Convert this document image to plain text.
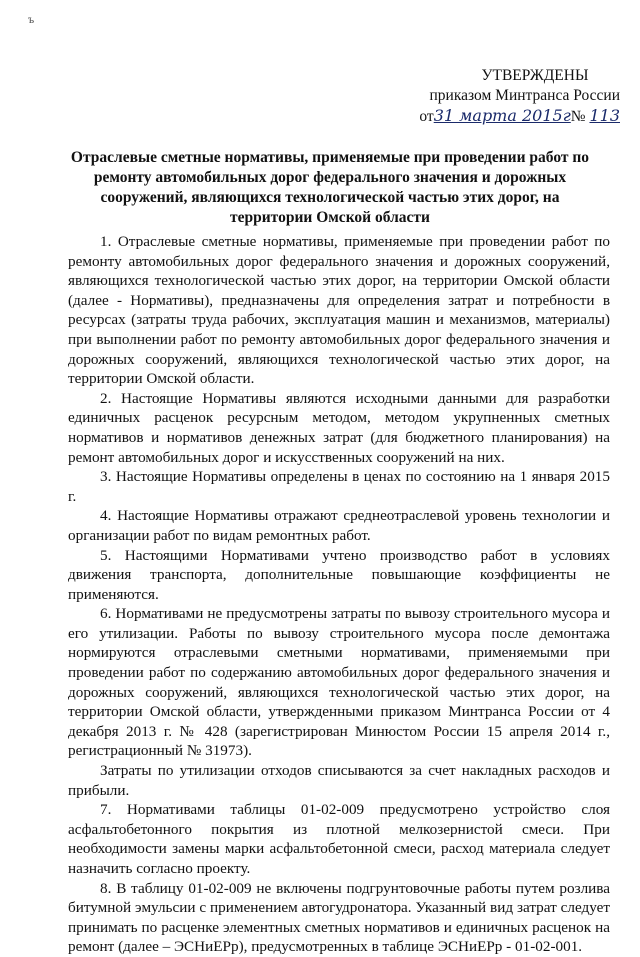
ъ
УТВЕРЖДЕНЫ
приказом Минтранса России
от31 марта 2015г№ 113
Отраслевые сметные нормативы, применяемые при проведении работ по ремонту автомобильных дорог федерального значения и дорожных сооружений, являющихся технологической частью этих дорог, на территории Омской области

1. Отраслевые сметные нормативы, применяемые при проведении работ по ремонту автомобильных дорог федерального значения и дорожных сооружений, являющихся технологической частью этих дорог, на территории Омской области (далее - Нормативы), предназначены для определения затрат и потребности в ресурсах (затраты труда рабочих, эксплуатация машин и механизмов, материалы) при выполнении работ по ремонту автомобильных дорог федерального значения и дорожных сооружений, являющихся технологической частью этих дорог, на территории Омской области.

2. Настоящие Нормативы являются исходными данными для разработки единичных расценок ресурсным методом, методом укрупненных сметных нормативов и нормативов денежных затрат (для бюджетного планирования) на ремонт автомобильных дорог и искусственных сооружений на них.

3. Настоящие Нормативы определены в ценах по состоянию на 1 января 2015 г.

4. Настоящие Нормативы отражают среднеотраслевой уровень технологии и организации работ по видам ремонтных работ.

5. Настоящими Нормативами учтено производство работ в условиях движения транспорта, дополнительные повышающие коэффициенты не применяются.

6. Нормативами не предусмотрены затраты по вывозу строительного мусора и его утилизации. Работы по вывозу строительного мусора после демонтажа нормируются отраслевыми сметными нормативами, применяемыми при проведении работ по содержанию автомобильных дорог федерального значения и дорожных сооружений, являющихся технологической частью этих дорог, на территории Омской области, утвержденными приказом Минтранса России от 4 декабря 2013 г. № 428 (зарегистрирован Минюстом России 15 апреля 2014 г., регистрационный № 31973).

Затраты по утилизации отходов списываются за счет накладных расходов и прибыли.

7. Нормативами таблицы 01-02-009 предусмотрено устройство слоя асфальтобетонного покрытия из плотной мелкозернистой смеси. При необходимости замены марки асфальтобетонной смеси, расход материала следует назначить согласно проекту.

8. В таблицу 01-02-009 не включены подгрунтовочные работы путем розлива битумной эмульсии с применением автогудронатора. Указанный вид затрат следует принимать по расценке элементных сметных нормативов и единичных расценок на ремонт (далее – ЭСНиЕРр), предусмотренных в таблице ЭСНиЕРр - 01-02-001.
